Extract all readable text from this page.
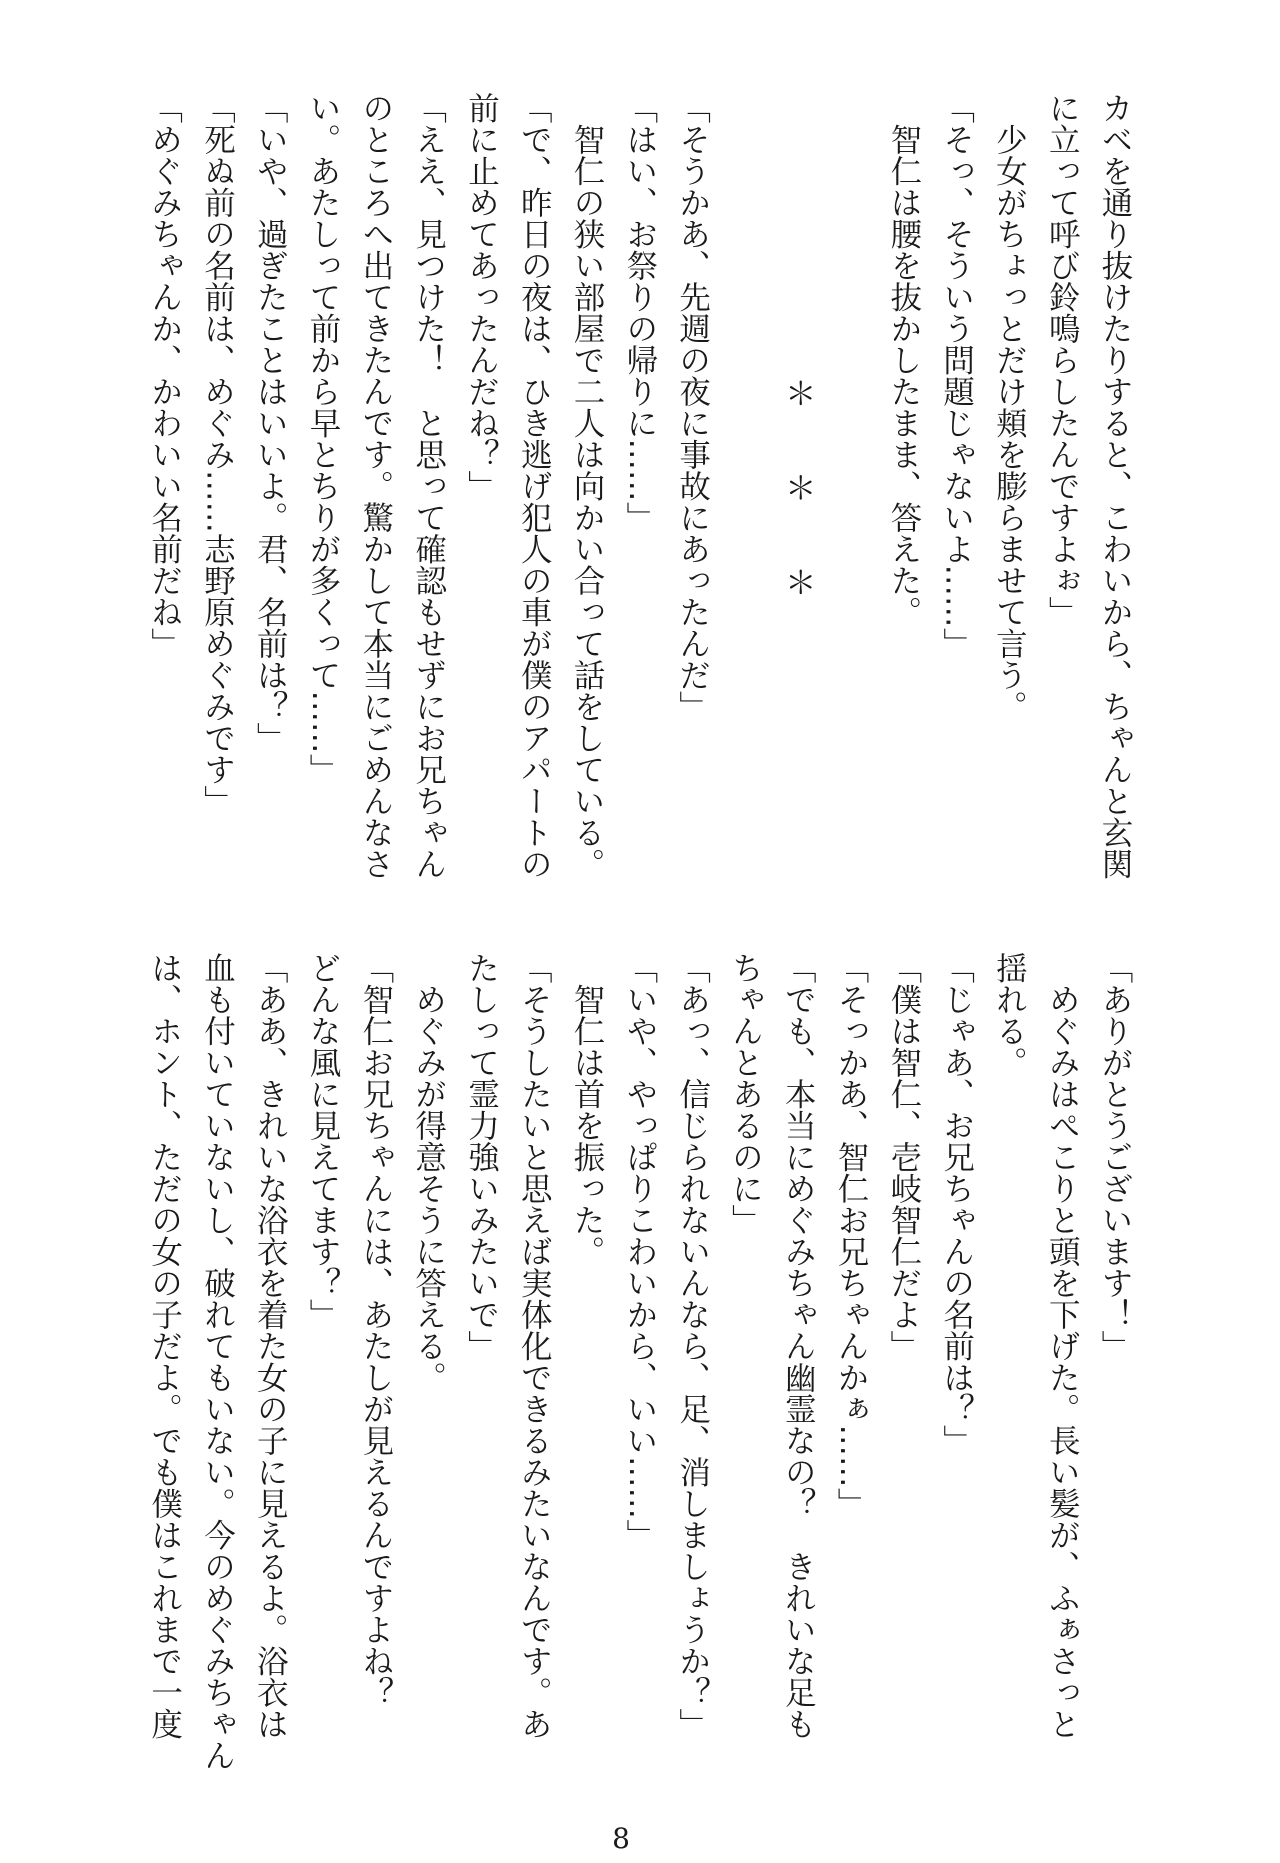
カベを通り抜けたりすると、こわいから、ちゃんと玄関
に立って呼び鈴鳴らしたんですよぉ」
　少女がちょっとだけ頬を膨らませて言う。
「そっ、そういう問題じゃないよ……」
　智仁は腰を抜かしたまま、答えた。

＊＊＊

「そうかあ、先週の夜に事故にあったんだ」
「はい、お祭りの帰りに……」
　智仁の狭い部屋で二人は向かい合って話をしている。
「で、昨日の夜は、ひき逃げ犯人の車が僕のアパートの
前に止めてあったんだね？」
「ええ、見つけた！　と思って確認もせずにお兄ちゃん
のところへ出てきたんです。驚かして本当にごめんなさ
い。あたしって前から早とちりが多くって……」
「いや、過ぎたことはいいよ。君、名前は？」
「死ぬ前の名前は、めぐみ……志野原めぐみです」
「めぐみちゃんか、かわいい名前だね」
「ありがとうございます！」
　めぐみはぺこりと頭を下げた。長い髪が、ふぁさっと
揺れる。
「じゃあ、お兄ちゃんの名前は？」
「僕は智仁、壱岐智仁だよ」
「そっかあ、智仁お兄ちゃんかぁ……」
「でも、本当にめぐみちゃん幽霊なの？　きれいな足も
ちゃんとあるのに」
「あっ、信じられないんなら、足、消しましょうか？」
「いや、やっぱりこわいから、いい……」
　智仁は首を振った。
「そうしたいと思えば実体化できるみたいなんです。あ
たしって霊力強いみたいで」
　めぐみが得意そうに答える。
「智仁お兄ちゃんには、あたしが見えるんですよね？
どんな風に見えてます？」
「ああ、きれいな浴衣を着た女の子に見えるよ。浴衣は
血も付いていないし、破れてもいない。今のめぐみちゃん
は、ホント、ただの女の子だよ。でも僕はこれまで一度
8
